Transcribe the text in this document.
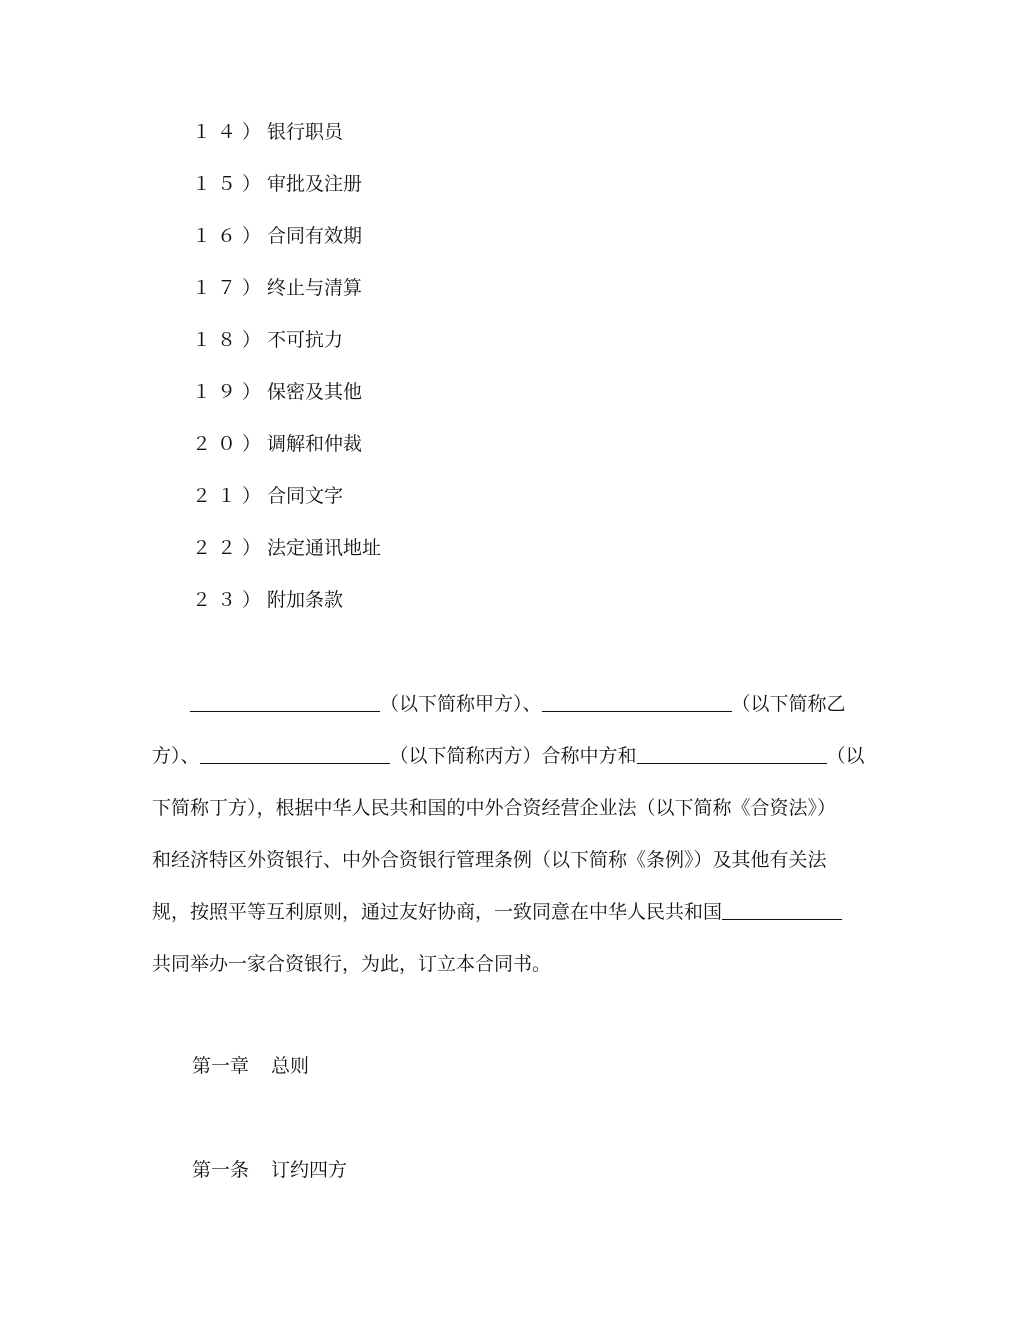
１４）银行职员
１５）审批及注册
１６）合同有效期
１７）终止与清算
１８）不可抗力
１９）保密及其他
２０）调解和仲裁
２１）合同文字
２２）法定通讯地址
２３）附加条款
（以下简称甲方）、	（以下简称乙
方）、	（以下简称丙方）合称中方和	（以
下简称丁方），根据中华人民共和国的中外合资经营企业法（以下简称《合资法》）
和经济特区外资银行、中外合资银行管理条例（以下简称《条例》）及其他有关法
规，按照平等互利原则，通过友好协商，一致同意在中华人民共和国
共同举办一家合资银行，为此，订立本合同书。
第一章 总则
第一条 订约四方
